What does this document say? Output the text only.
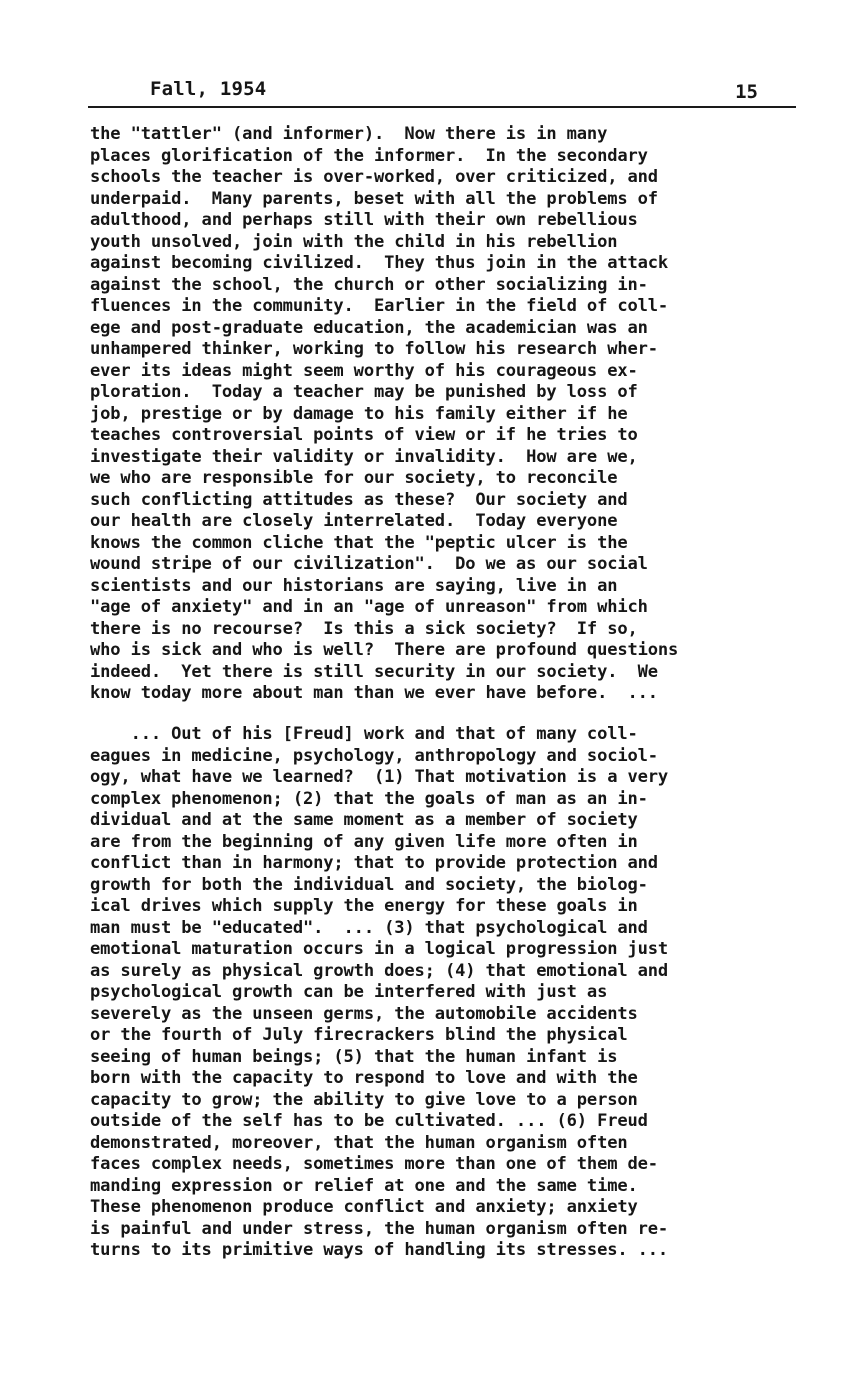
Fall, 1954	15
the "tattler" (and informer).  Now there is in many
places glorification of the informer.  In the secondary
schools the teacher is over-worked, over criticized, and
underpaid.  Many parents, beset with all the problems of
adulthood, and perhaps still with their own rebellious
youth unsolved, join with the child in his rebellion
against becoming civilized.  They thus join in the attack
against the school, the church or other socializing in-
fluences in the community.  Earlier in the field of coll-
ege and post-graduate education, the academician was an
unhampered thinker, working to follow his research wher-
ever its ideas might seem worthy of his courageous ex-
ploration.  Today a teacher may be punished by loss of
job, prestige or by damage to his family either if he
teaches controversial points of view or if he tries to
investigate their validity or invalidity.  How are we,
we who are responsible for our society, to reconcile
such conflicting attitudes as these?  Our society and
our health are closely interrelated.  Today everyone
knows the common cliche that the "peptic ulcer is the
wound stripe of our civilization".  Do we as our social
scientists and our historians are saying, live in an
"age of anxiety" and in an "age of unreason" from which
there is no recourse?  Is this a sick society?  If so,
who is sick and who is well?  There are profound questions
indeed.  Yet there is still security in our society.  We
know today more about man than we ever have before.  ...
... Out of his [Freud] work and that of many coll-
eagues in medicine, psychology, anthropology and sociol-
ogy, what have we learned?  (1) That motivation is a very
complex phenomenon; (2) that the goals of man as an in-
dividual and at the same moment as a member of society
are from the beginning of any given life more often in
conflict than in harmony; that to provide protection and
growth for both the individual and society, the biolog-
ical drives which supply the energy for these goals in
man must be "educated".  ... (3) that psychological and
emotional maturation occurs in a logical progression just
as surely as physical growth does; (4) that emotional and
psychological growth can be interfered with just as
severely as the unseen germs, the automobile accidents
or the fourth of July firecrackers blind the physical
seeing of human beings; (5) that the human infant is
born with the capacity to respond to love and with the
capacity to grow; the ability to give love to a person
outside of the self has to be cultivated. ... (6) Freud
demonstrated, moreover, that the human organism often
faces complex needs, sometimes more than one of them de-
manding expression or relief at one and the same time.
These phenomenon produce conflict and anxiety; anxiety
is painful and under stress, the human organism often re-
turns to its primitive ways of handling its stresses. ...
